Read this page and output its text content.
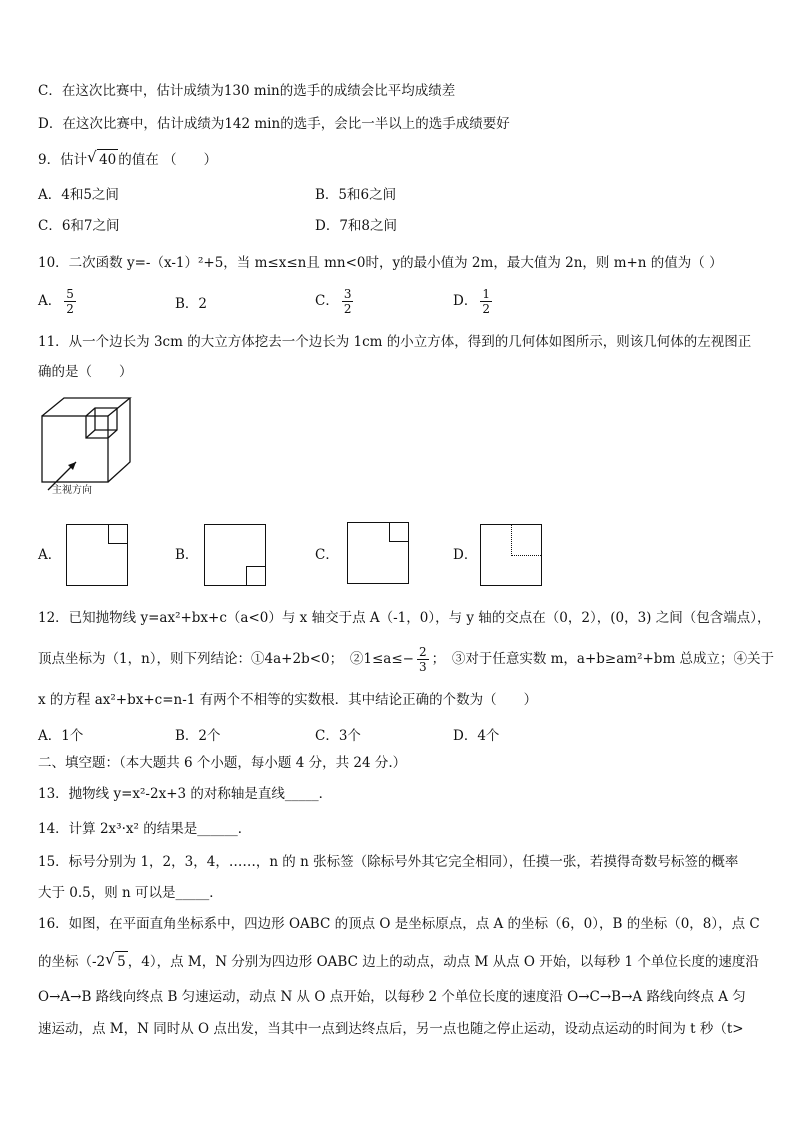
C．在这次比赛中，估计成绩为130 min的选手的成绩会比平均成绩差
D．在这次比赛中，估计成绩为142 min的选手，会比一半以上的选手成绩要好
9．估计 √ 40 的值在 （　　）
A．4和5之间	B．5和6之间
C．6和7之间	D．7和8之间
10．二次函数 y=-（x-1）²+5，当 m≤x≤n且 mn<0时，y的最小值为 2m，最大值为 2n，则 m+n 的值为（ ）
A． $\frac{5}{2}$	B．2	C． $\frac{3}{2}$	D． $\frac{1}{2}$
11．从一个边长为 3cm 的大立方体挖去一个边长为 1cm 的小立方体，得到的几何体如图所示，则该几何体的左视图正
确的是（　　）
主视方向
A．	B．	C．	D．
12．已知抛物线 y=ax²+bx+c（a<0）与 x 轴交于点 A（-1，0），与 y 轴的交点在（0，2），(0，3) 之间（包含端点），
顶点坐标为（1，n），则下列结论：①4a+2b<0；　②1≤a≤− $\frac{2}{3}$ ；　③对于任意实数 m，a+b≥am²+bm 总成立；④关于
x 的方程 ax²+bx+c=n-1 有两个不相等的实数根．其中结论正确的个数为（　　）
A．1个	B．2个	C．3个	D．4个
二、填空题：（本大题共 6 个小题，每小题 4 分，共 24 分.）
13．抛物线 y=x²-2x+3 的对称轴是直线_____．
14．计算 2x³·x² 的结果是______．
15．标号分别为 1，2，3，4，……，n 的 n 张标签（除标号外其它完全相同），任摸一张，若摸得奇数号标签的概率
大于 0.5，则 n 可以是_____．
16．如图，在平面直角坐标系中，四边形 OABC 的顶点 O 是坐标原点，点 A 的坐标（6，0），B 的坐标（0，8），点 C
的坐标（-2 √ 5 ，4），点 M，N 分别为四边形 OABC 边上的动点，动点 M 从点 O 开始，以每秒 1 个单位长度的速度沿
O→A→B 路线向终点 B 匀速运动，动点 N 从 O 点开始，以每秒 2 个单位长度的速度沿 O→C→B→A 路线向终点 A 匀
速运动，点 M，N 同时从 O 点出发，当其中一点到达终点后，另一点也随之停止运动，设动点运动的时间为 t 秒（t>
